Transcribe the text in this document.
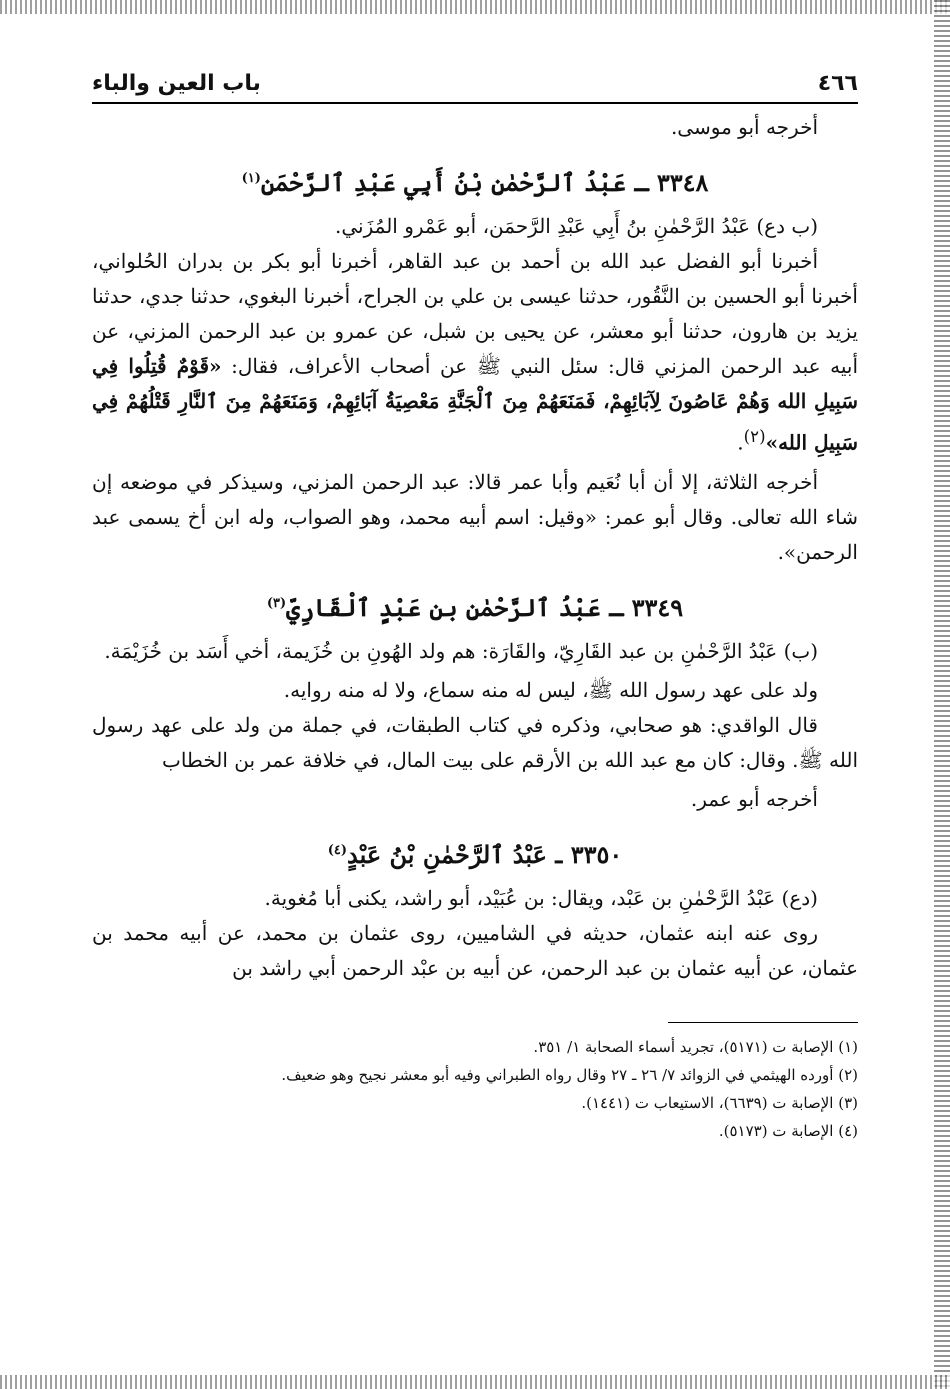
٤٦٦
باب العين والباء

أخرجه أبو موسى.

٣٣٤٨ ـ عَبْدُ ٱلرَّحْمٰنِ بْنُ أَبِي عَبْدِ ٱلرَّحْمَنِ$^{(١)}$

(ب دع) عَبْدُ الرَّحْمٰنِ بنُ أَبِي عَبْدِ الرَّحمَن، أبو عَمْرو المُزَني.

أخبرنا أبو الفضل عبد الله بن أحمد بن عبد القاهر، أخبرنا أبو بكر بن بدران الحُلواني، أخبرنا أبو الحسين بن النَّقُور، حدثنا عيسى بن علي بن الجراح، أخبرنا البغوي، حدثنا جدي، حدثنا يزيد بن هارون، حدثنا أبو معشر، عن يحيى بن شبل، عن عمرو بن عبد الرحمن المزني، عن أبيه عبد الرحمن المزني قال: سئل النبي ﷺ عن أصحاب الأعراف، فقال: «قَوْمٌ قُتِلُوا فِي سَبِيلِ الله وَهُمْ عَاصُونَ لِآبَائِهِمْ، فَمَنَعَهُمْ مِنَ ٱلْجَنَّةِ مَعْصِيَةُ آبَائِهِمْ، وَمَنَعَهُمْ مِنَ ٱلنَّارِ قَتْلُهُمْ فِي سَبِيلِ الله»$^{(٢)}$.

أخرجه الثلاثة، إلا أن أبا نُعَيم وأبا عمر قالا: عبد الرحمن المزني، وسيذكر في موضعه إن شاء الله تعالى. وقال أبو عمر: «وقيل: اسم أبيه محمد، وهو الصواب، وله ابن أخ يسمى عبد الرحمن».

٣٣٤٩ ـ عَبْدُ ٱلرَّحْمٰنِ بن عَبْدٍ ٱلْقَارِيّ$^{(٣)}$

(ب) عَبْدُ الرَّحْمٰنِ بن عبد القَارِيّ، والقَارَة: هم ولد الهُونِ بن خُزَيمة، أخي أَسَد بن خُزَيْمَة.

ولد على عهد رسول الله ﷺ، ليس له منه سماع، ولا له منه روايه.

قال الواقدي: هو صحابي، وذكره في كتاب الطبقات، في جملة من ولد على عهد رسول الله ﷺ. وقال: كان مع عبد الله بن الأرقم على بيت المال، في خلافة عمر بن الخطاب

أخرجه أبو عمر.

٣٣٥٠ ـ عَبْدُ ٱلرَّحْمٰنِ بْنُ عَبْدٍ$^{(٤)}$

(دع) عَبْدُ الرَّحْمٰنِ بن عَبْد، ويقال: بن عُبَيْد، أبو راشد، يكنى أبا مُغوية.

روى عنه ابنه عثمان، حديثه في الشاميين، روى عثمان بن محمد، عن أبيه محمد بن عثمان، عن أبيه عثمان بن عبد الرحمن، عن أبيه بن عبْد الرحمن أبي راشد بن

(١) الإصابة ت (٥١٧١)، تجريد أسماء الصحابة ١/ ٣٥١.

(٢) أورده الهيثمي في الزوائد ٧/ ٢٦ ـ ٢٧ وقال رواه الطبراني وفيه أبو معشر نجيح وهو ضعيف.

(٣) الإصابة ت (٦٦٣٩)، الاستيعاب ت (١٤٤١).

(٤) الإصابة ت (٥١٧٣).
